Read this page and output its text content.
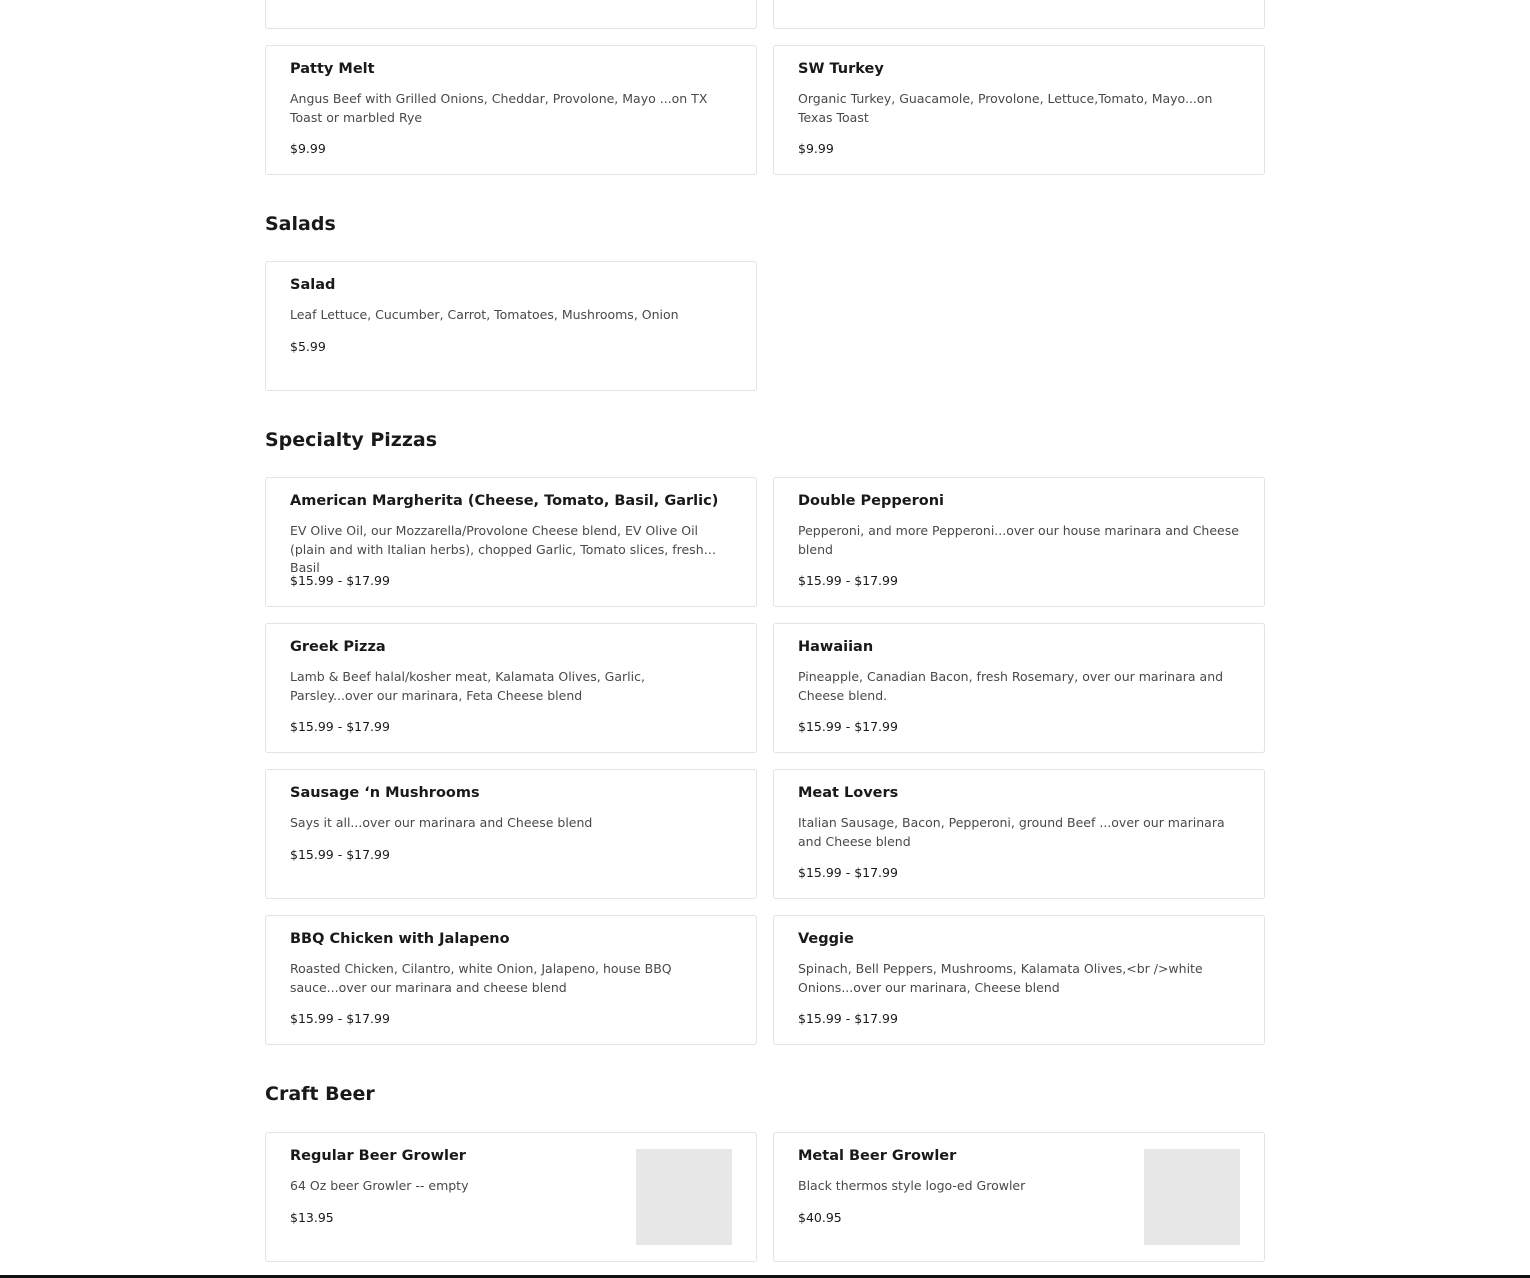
Patty Melt
Angus Beef with Grilled Onions, Cheddar, Provolone, Mayo ...on TX Toast or marbled Rye
$9.99
SW Turkey
Organic Turkey, Guacamole, Provolone, Lettuce,Tomato, Mayo...on Texas Toast
$9.99
Salads
Salad
Leaf Lettuce, Cucumber, Carrot, Tomatoes, Mushrooms, Onion
$5.99
Specialty Pizzas
American Margherita (Cheese, Tomato, Basil, Garlic)
EV Olive Oil, our Mozzarella/Provolone Cheese blend, EV Olive Oil (plain and with Italian herbs), chopped Garlic, Tomato slices, fresh Basil
$15.99 - $17.99
Double Pepperoni
Pepperoni, and more Pepperoni...over our house marinara and Cheese blend
$15.99 - $17.99
Greek Pizza
Lamb & Beef halal/kosher meat, Kalamata Olives, Garlic, Parsley...over our marinara, Feta Cheese blend
$15.99 - $17.99
Hawaiian
Pineapple, Canadian Bacon, fresh Rosemary, over our marinara and Cheese blend.
$15.99 - $17.99
Sausage ‘n Mushrooms
Says it all...over our marinara and Cheese blend
$15.99 - $17.99
Meat Lovers
Italian Sausage, Bacon, Pepperoni, ground Beef ...over our marinara and Cheese blend
$15.99 - $17.99
BBQ Chicken with Jalapeno
Roasted Chicken, Cilantro, white Onion, Jalapeno, house BBQ sauce...over our marinara and cheese blend
$15.99 - $17.99
Veggie
Spinach, Bell Peppers, Mushrooms, Kalamata Olives,<br />white Onions...over our marinara, Cheese blend
$15.99 - $17.99
Craft Beer
Regular Beer Growler
64 Oz beer Growler -- empty
$13.95
Metal Beer Growler
Black thermos style logo-ed Growler
$40.95
